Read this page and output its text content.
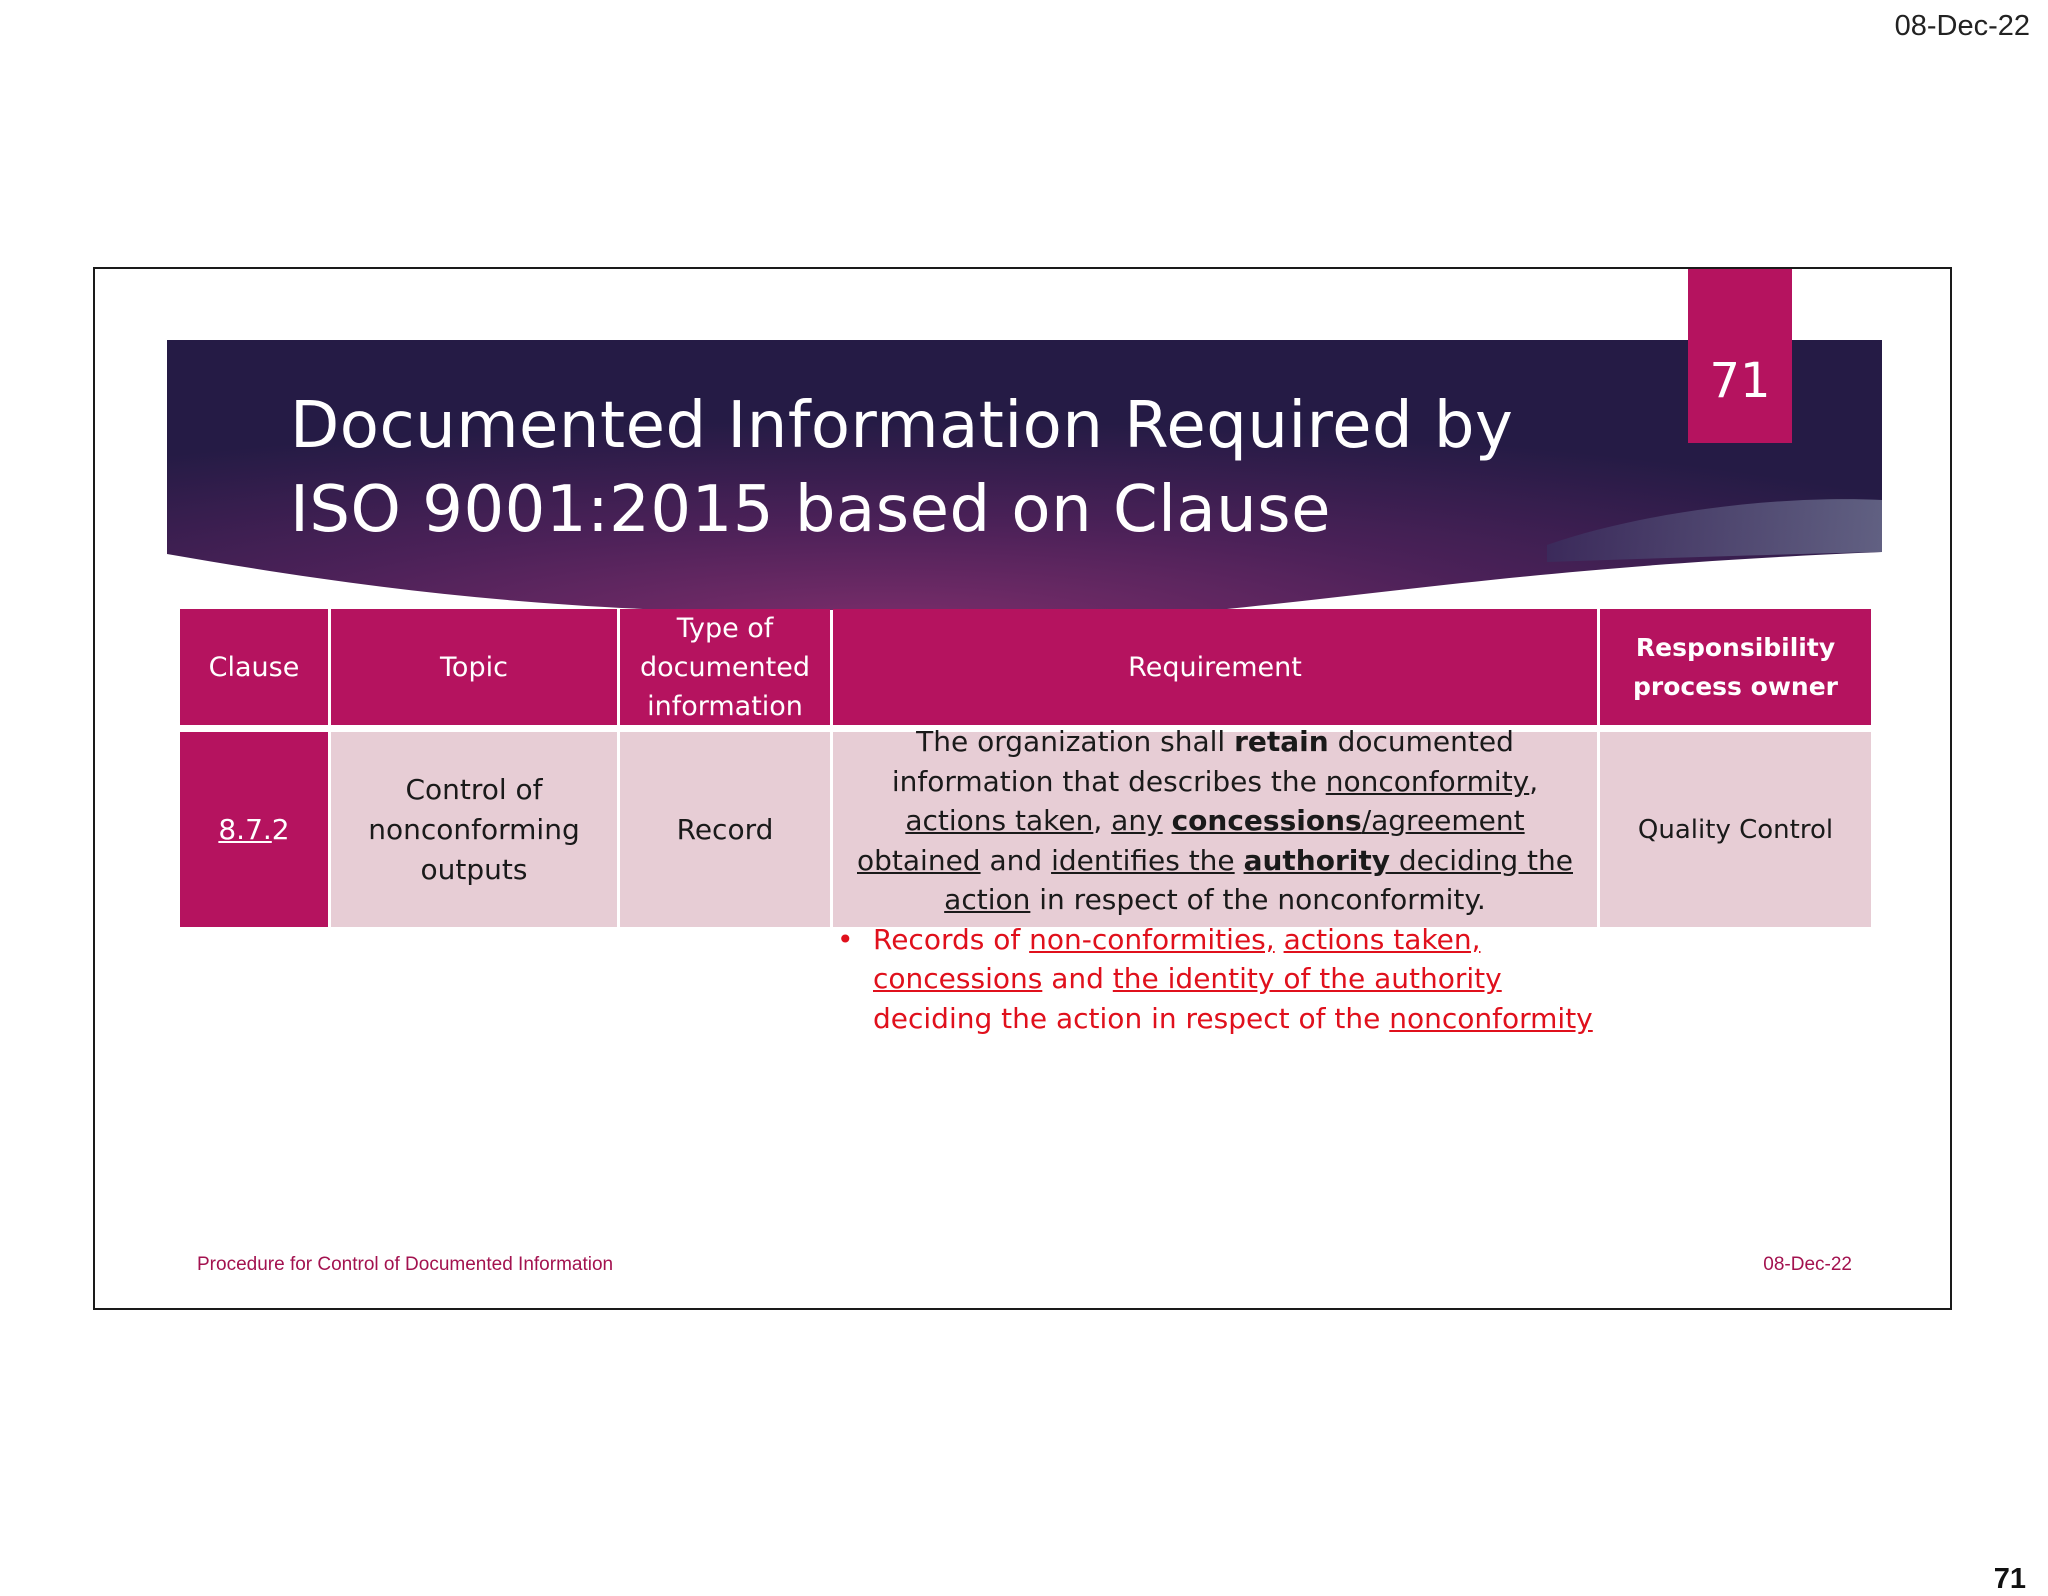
08-Dec-22
Documented Information Required by ISO 9001:2015 based on Clause
71
Clause	Topic
Type of documented information
Requirement
Responsibility process owner
8.7. 2
Control of
nonconforming
outputs
Record
The organization shall retain documented information that describes the nonconformity, actions taken, any concessions/agreement obtained and identifies the authority deciding the action in respect of the nonconformity.
• Records of non-conformities, actions taken, concessions and the identity of the authority deciding the action in respect of the nonconformity
Quality Control
Procedure for Control of Documented Information	08-Dec-22
71
